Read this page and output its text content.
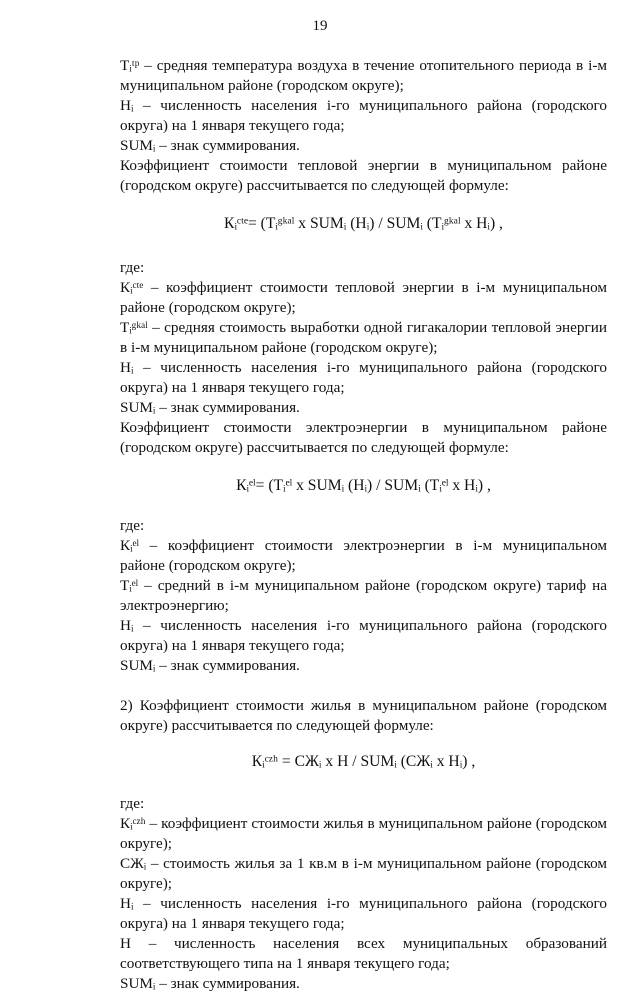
19

Tᵢᵗᵖ – средняя температура воздуха в течение отопительного периода в i-м муниципальном районе (городском округе);

Hᵢ – численность населения i-го муниципального района (городского округа) на 1 января текущего года;

SUMᵢ – знак суммирования.

Коэффициент стоимости тепловой энергии в муниципальном районе (городском округе) рассчитывается по следующей формуле:

Кᵢᶜᵗᵉ= (Tᵢᵍᵏᵃˡ x SUMᵢ (Hᵢ) / SUMᵢ (Tᵢᵍᵏᵃˡ x Hᵢ) ,

где:

Кᵢᶜᵗᵉ – коэффициент стоимости тепловой энергии в i-м муниципальном районе (городском округе);

Tᵢᵍᵏᵃˡ – средняя стоимость выработки одной гигакалории тепловой энергии в i-м муниципальном районе (городском округе);

Hᵢ – численность населения i-го муниципального района (городского округа) на 1 января текущего года;

SUMᵢ – знак суммирования.

Коэффициент стоимости электроэнергии в муниципальном районе (городском округе) рассчитывается по следующей формуле:

Кᵢᵉˡ= (Tᵢᵉˡ x SUMᵢ (Hᵢ) / SUMᵢ (Tᵢᵉˡ x Hᵢ) ,

где:

Кᵢᵉˡ – коэффициент стоимости электроэнергии в i-м муниципальном районе (городском округе);

Tᵢᵉˡ – средний в i-м муниципальном районе (городском округе) тариф на электроэнергию;

Hᵢ – численность населения i-го муниципального района (городского округа) на 1 января текущего года;

SUMᵢ – знак суммирования.

2) Коэффициент стоимости жилья в муниципальном районе (городском округе) рассчитывается по следующей формуле:

Кᵢᶜᶻʰ = СЖᵢ x H / SUMᵢ (СЖᵢ x Hᵢ) ,

где:

Кᵢᶜᶻʰ – коэффициент стоимости жилья в муниципальном районе (городском округе);

СЖᵢ – стоимость жилья за 1 кв.м в i-м муниципальном районе (городском округе);

Hᵢ – численность населения i-го муниципального района (городского округа) на 1 января текущего года;

H – численность населения всех муниципальных образований соответствующего типа на 1 января текущего года;

SUMᵢ – знак суммирования.
